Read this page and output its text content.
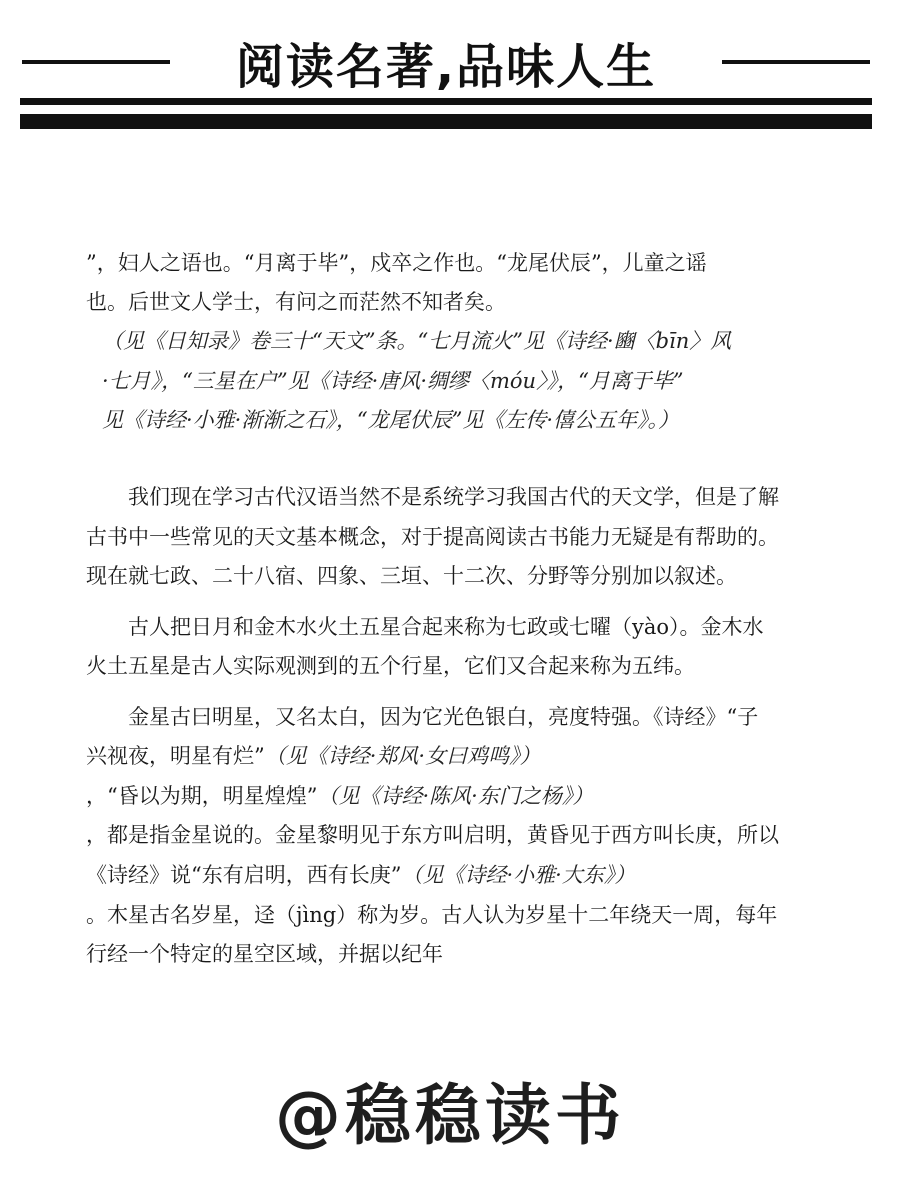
阅读名著,品味人生
”，妇人之语也。“月离于毕”，戍卒之作也。“龙尾伏辰”，儿童之谣
也。后世文人学士，有问之而茫然不知者矣。
（见《日知录》卷三十“天文”条。“七月流火”见《诗经·豳〈bīn〉风
·七月》，“三星在户”见《诗经·唐风·绸缪〈móu〉》，“月离于毕”
见《诗经·小雅·渐渐之石》，“龙尾伏辰”见《左传·僖公五年》。）
　　我们现在学习古代汉语当然不是系统学习我国古代的天文学，但是了解
古书中一些常见的天文基本概念，对于提高阅读古书能力无疑是有帮助的。
现在就七政、二十八宿、四象、三垣、十二次、分野等分别加以叙述。
　　古人把日月和金木水火土五星合起来称为七政或七曜（yào）。金木水
火土五星是古人实际观测到的五个行星，它们又合起来称为五纬。
　　金星古曰明星，又名太白，因为它光色银白，亮度特强。《诗经》“子
兴视夜，明星有烂”（见《诗经·郑风·女曰鸡鸣》）
，“昏以为期，明星煌煌”（见《诗经·陈风·东门之杨》）
，都是指金星说的。金星黎明见于东方叫启明，黄昏见于西方叫长庚，所以
《诗经》说“东有启明，西有长庚”（见《诗经·小雅·大东》）
。木星古名岁星，迳（jìng）称为岁。古人认为岁星十二年绕天一周，每年
行经一个特定的星空区域，并据以纪年
@稳稳读书
